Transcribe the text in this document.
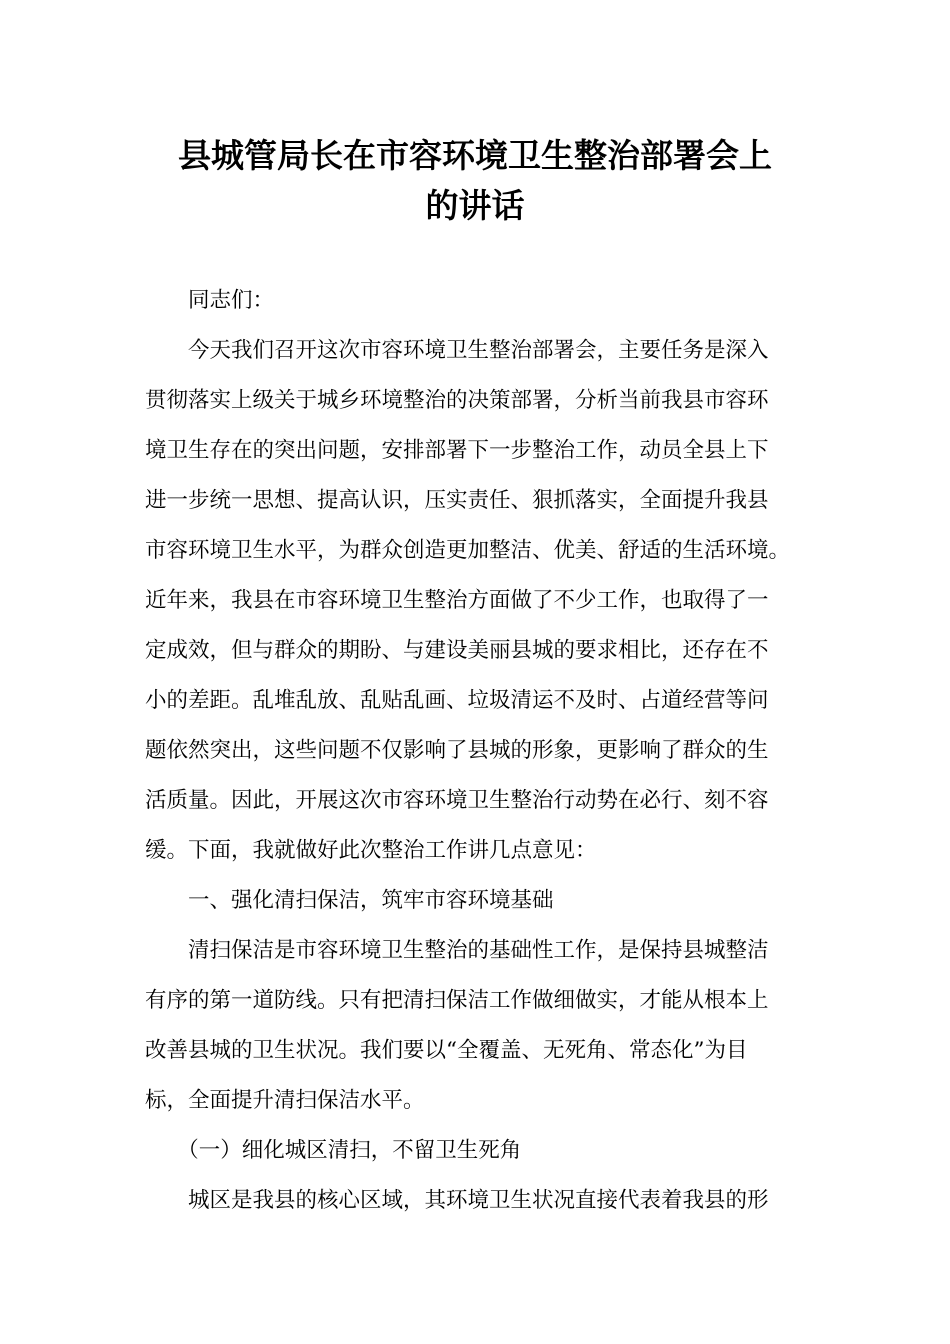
县城管局长在市容环境卫生整治部署会上
的讲话

　　同志们：

　　今天我们召开这次市容环境卫生整治部署会，主要任务是深入

贯彻落实上级关于城乡环境整治的决策部署，分析当前我县市容环

境卫生存在的突出问题，安排部署下一步整治工作，动员全县上下

进一步统一思想、提高认识，压实责任、狠抓落实，全面提升我县

市容环境卫生水平，为群众创造更加整洁、优美、舒适的生活环境。

近年来，我县在市容环境卫生整治方面做了不少工作，也取得了一

定成效，但与群众的期盼、与建设美丽县城的要求相比，还存在不

小的差距。乱堆乱放、乱贴乱画、垃圾清运不及时、占道经营等问

题依然突出，这些问题不仅影响了县城的形象，更影响了群众的生

活质量。因此，开展这次市容环境卫生整治行动势在必行、刻不容

缓。下面，我就做好此次整治工作讲几点意见：

　　一、强化清扫保洁，筑牢市容环境基础

　　清扫保洁是市容环境卫生整治的基础性工作，是保持县城整洁

有序的第一道防线。只有把清扫保洁工作做细做实，才能从根本上

改善县城的卫生状况。我们要以“全覆盖、无死角、常态化”为目

标，全面提升清扫保洁水平。

　　（一）细化城区清扫，不留卫生死角

　　城区是我县的核心区域，其环境卫生状况直接代表着我县的形
